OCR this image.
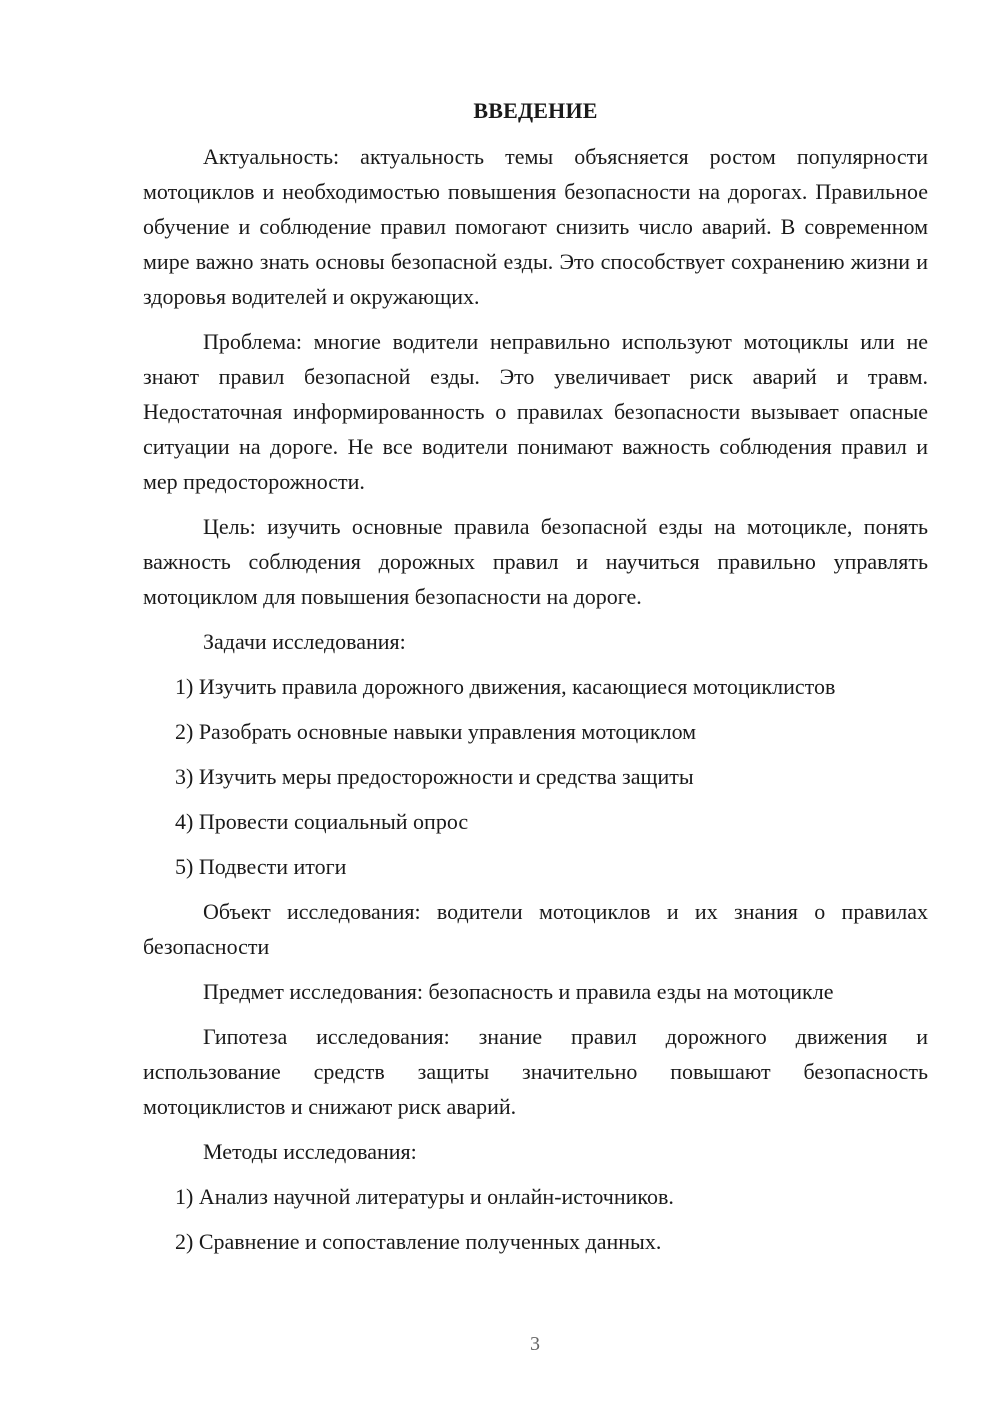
ВВЕДЕНИЕ

Актуальность: актуальность темы объясняется ростом популярности мотоциклов и необходимостью повышения безопасности на дорогах. Правильное обучение и соблюдение правил помогают снизить число аварий. В современном мире важно знать основы безопасной езды. Это способствует сохранению жизни и здоровья водителей и окружающих.

Проблема: многие водители неправильно используют мотоциклы или не знают правил безопасной езды. Это увеличивает риск аварий и травм. Недостаточная информированность о правилах безопасности вызывает опасные ситуации на дороге. Не все водители понимают важность соблюдения правил и мер предосторожности.

Цель: изучить основные правила безопасной езды на мотоцикле, понять важность соблюдения дорожных правил и научиться правильно управлять мотоциклом для повышения безопасности на дороге.

Задачи исследования:

1) Изучить правила дорожного движения, касающиеся мотоциклистов

2) Разобрать основные навыки управления мотоциклом

3) Изучить меры предосторожности и средства защиты

4) Провести социальный опрос

5) Подвести итоги

Объект исследования: водители мотоциклов и их знания о правилах безопасности

Предмет исследования: безопасность и правила езды на мотоцикле

Гипотеза исследования: знание правил дорожного движения и использование средств защиты значительно повышают безопасность мотоциклистов и снижают риск аварий.

Методы исследования:

1) Анализ научной литературы и онлайн-источников.

2) Сравнение и сопоставление полученных данных.

3
